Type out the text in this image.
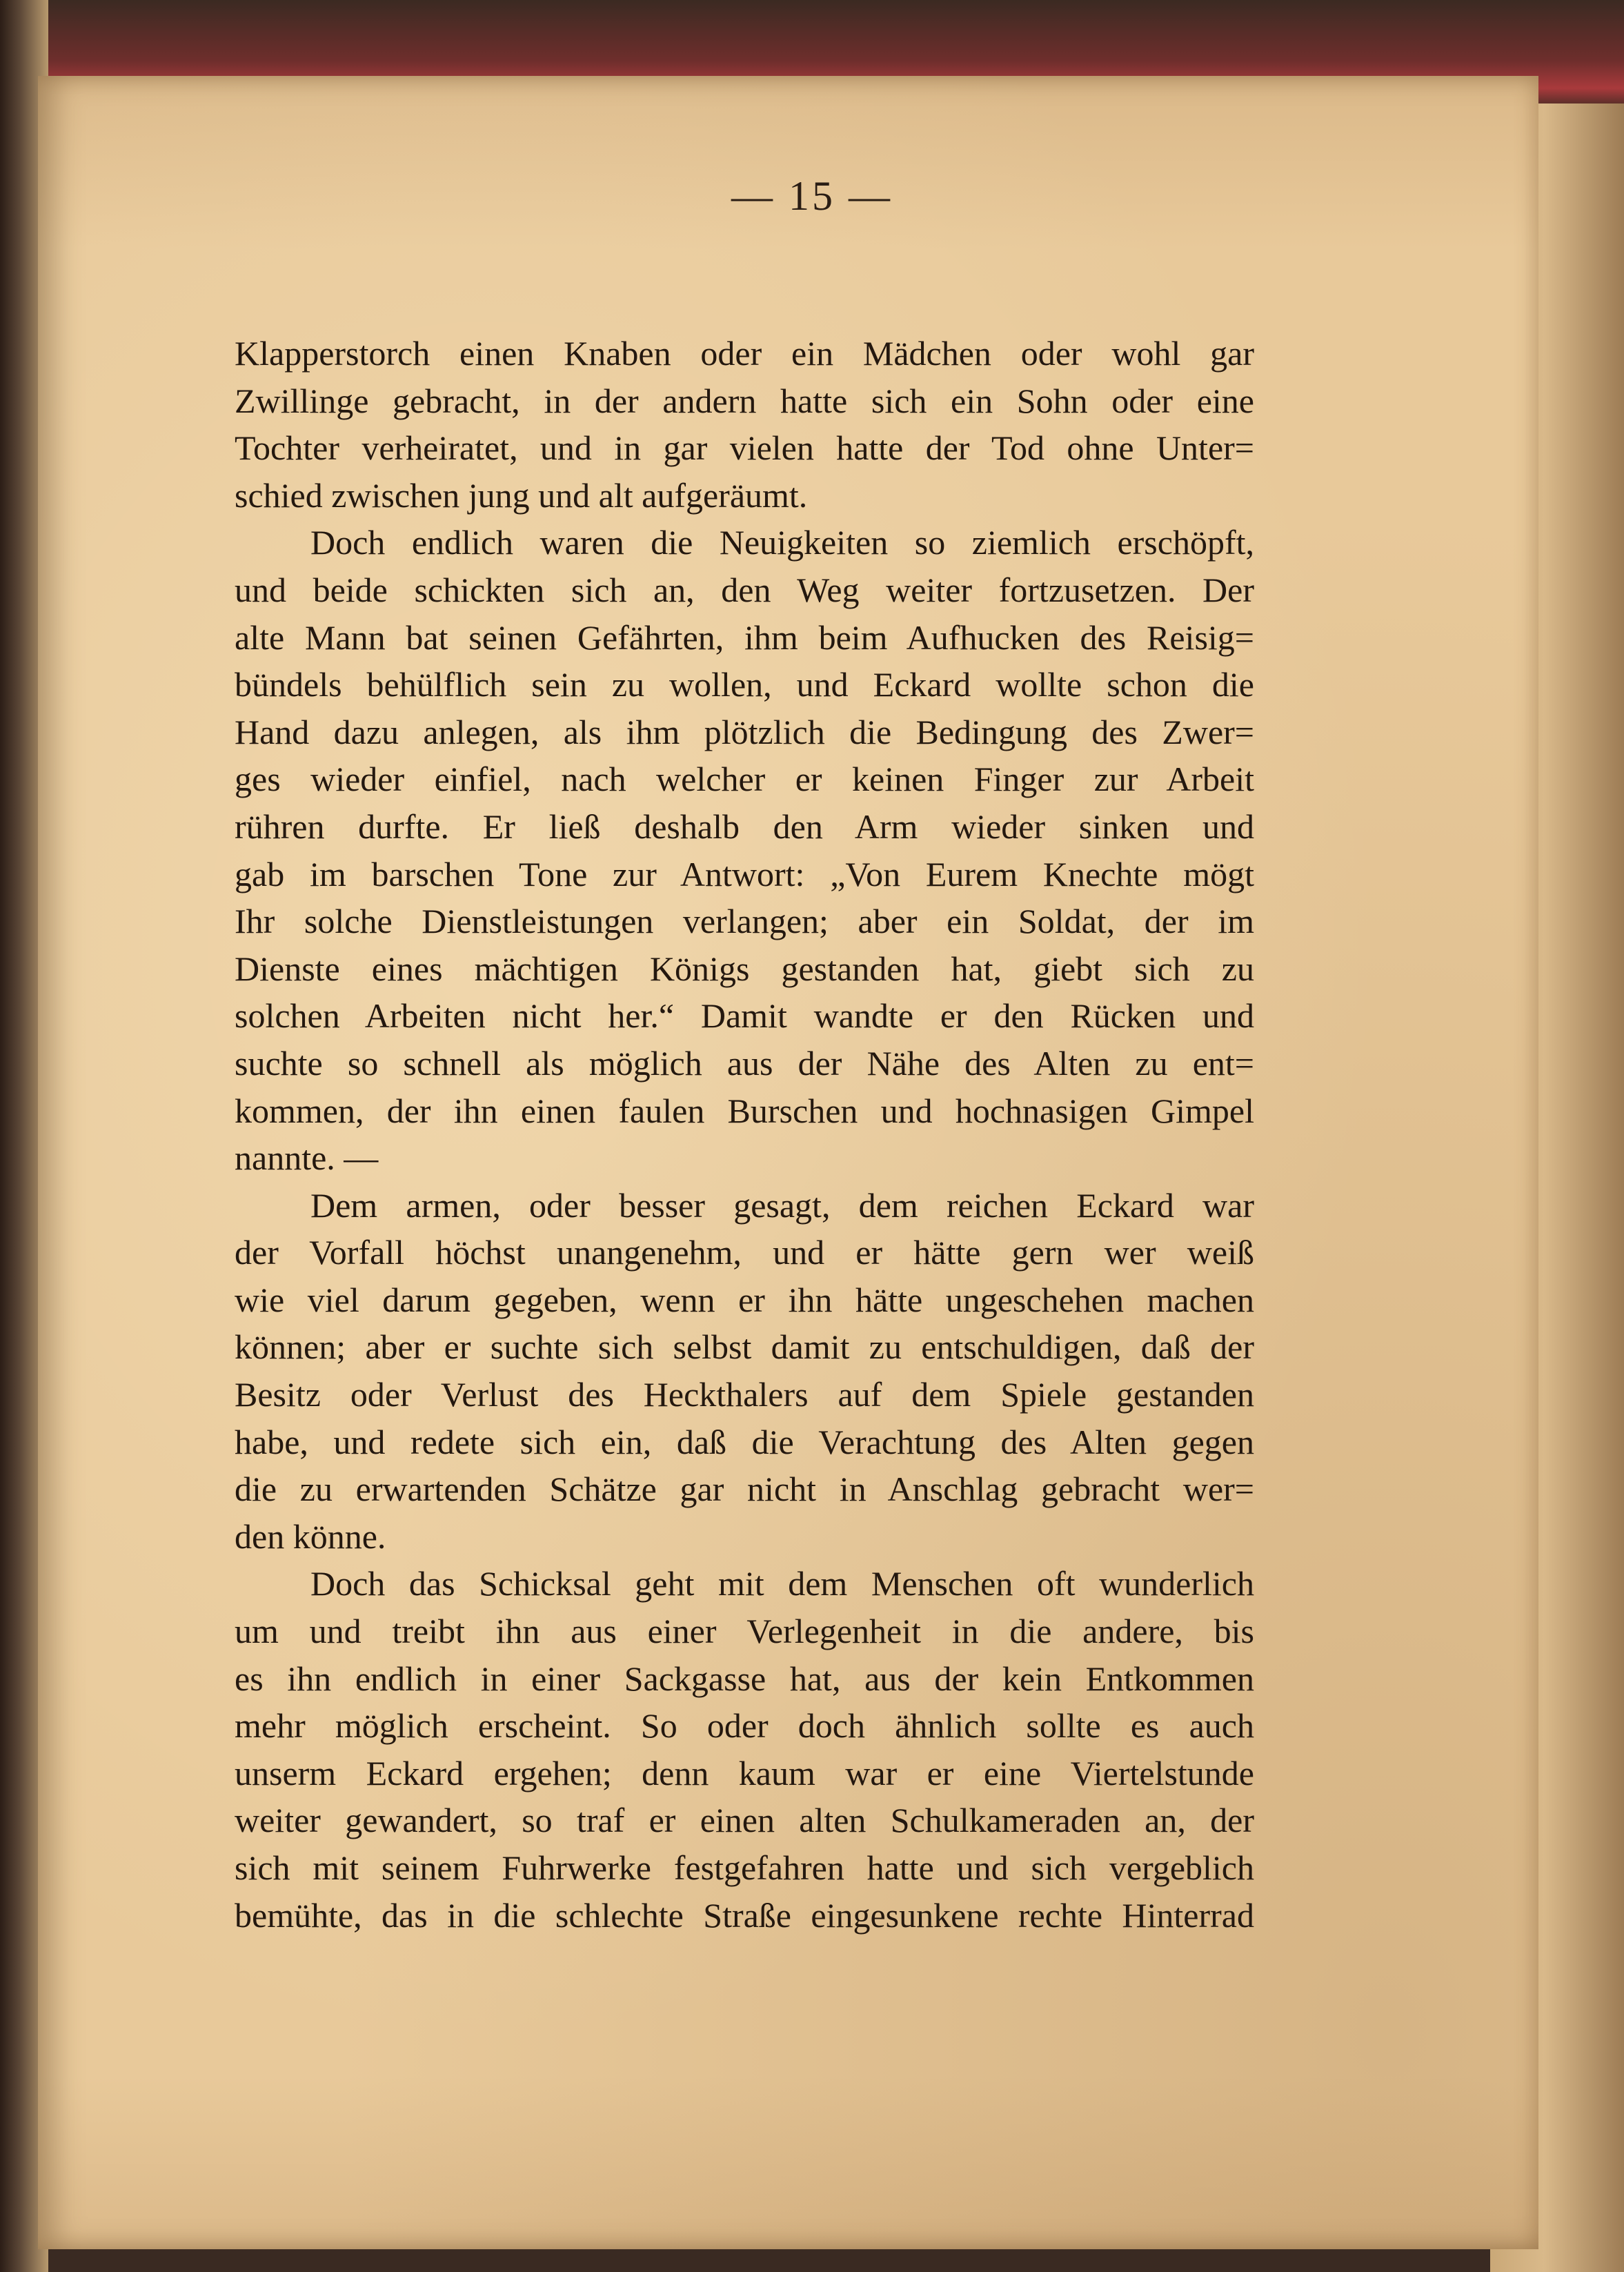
— 15 —
Klapperstorch einen Knaben oder ein Mädchen oder wohl gar
Zwillinge gebracht, in der andern hatte sich ein Sohn oder eine
Tochter verheiratet, und in gar vielen hatte der Tod ohne Unter=
schied zwischen jung und alt aufgeräumt.
Doch endlich waren die Neuigkeiten so ziemlich erschöpft,
und beide schickten sich an, den Weg weiter fortzusetzen. Der
alte Mann bat seinen Gefährten, ihm beim Aufhucken des Reisig=
bündels behülflich sein zu wollen, und Eckard wollte schon die
Hand dazu anlegen, als ihm plötzlich die Bedingung des Zwer=
ges wieder einfiel, nach welcher er keinen Finger zur Arbeit
rühren durfte. Er ließ deshalb den Arm wieder sinken und
gab im barschen Tone zur Antwort: „Von Eurem Knechte mögt
Ihr solche Dienstleistungen verlangen; aber ein Soldat, der im
Dienste eines mächtigen Königs gestanden hat, giebt sich zu
solchen Arbeiten nicht her.“ Damit wandte er den Rücken und
suchte so schnell als möglich aus der Nähe des Alten zu ent=
kommen, der ihn einen faulen Burschen und hochnasigen Gimpel
nannte. —
Dem armen, oder besser gesagt, dem reichen Eckard war
der Vorfall höchst unangenehm, und er hätte gern wer weiß
wie viel darum gegeben, wenn er ihn hätte ungeschehen machen
können; aber er suchte sich selbst damit zu entschuldigen, daß der
Besitz oder Verlust des Heckthalers auf dem Spiele gestanden
habe, und redete sich ein, daß die Verachtung des Alten gegen
die zu erwartenden Schätze gar nicht in Anschlag gebracht wer=
den könne.
Doch das Schicksal geht mit dem Menschen oft wunderlich
um und treibt ihn aus einer Verlegenheit in die andere, bis
es ihn endlich in einer Sackgasse hat, aus der kein Entkommen
mehr möglich erscheint. So oder doch ähnlich sollte es auch
unserm Eckard ergehen; denn kaum war er eine Viertelstunde
weiter gewandert, so traf er einen alten Schulkameraden an, der
sich mit seinem Fuhrwerke festgefahren hatte und sich vergeblich
bemühte, das in die schlechte Straße eingesunkene rechte Hinterrad
